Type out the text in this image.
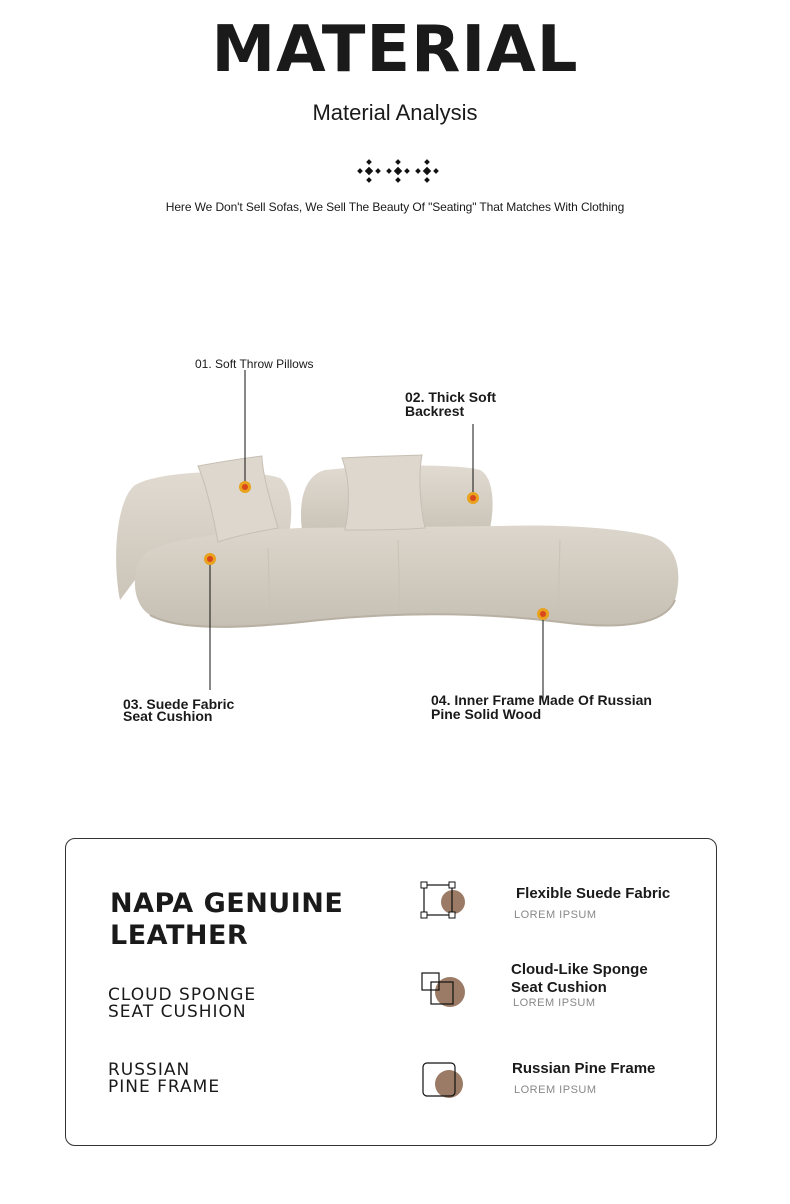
MATERIAL
Material Analysis
Here We Don't Sell Sofas, We Sell The Beauty Of "Seating" That Matches With Clothing
01. Soft Throw Pillows
02. Thick Soft
Backrest
03. Suede Fabric
Seat Cushion
04. Inner Frame Made Of Russian
Pine Solid Wood
NAPA GENUINE
LEATHER
CLOUD SPONGE
SEAT CUSHION
RUSSIAN
PINE FRAME
Flexible Suede Fabric
LOREM IPSUM
Cloud-Like Sponge
Seat Cushion
LOREM IPSUM
Russian Pine Frame
LOREM IPSUM
